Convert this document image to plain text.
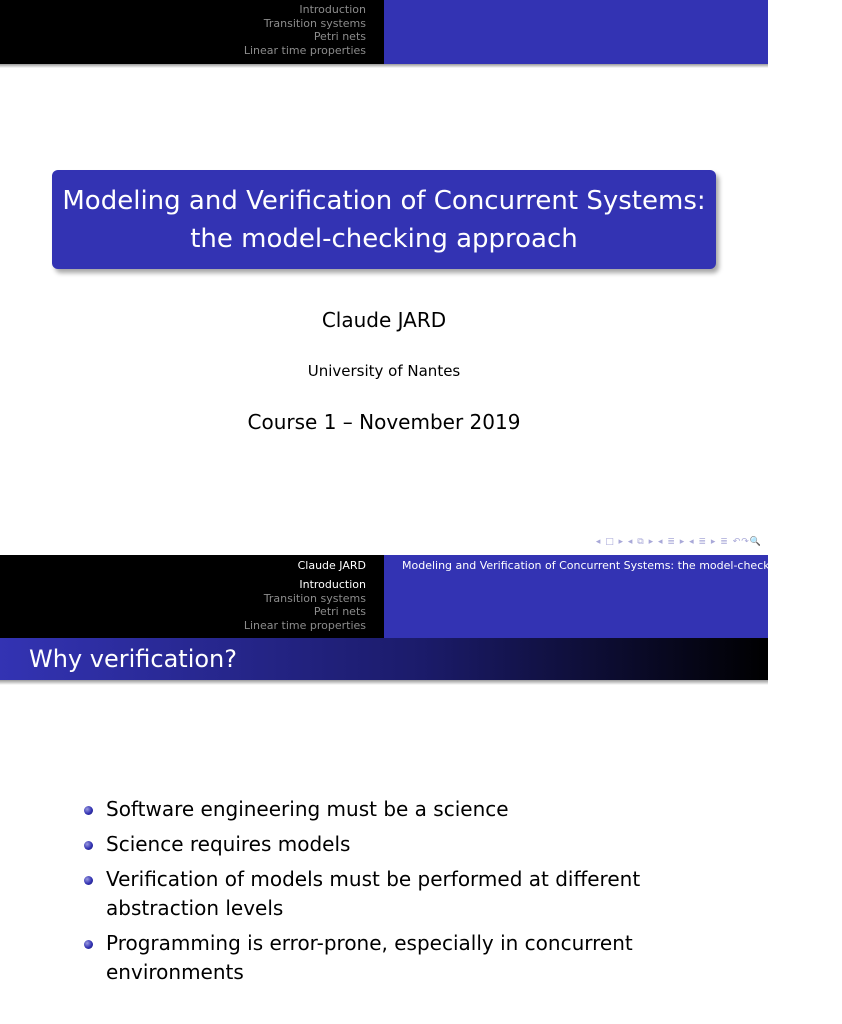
Introduction
Transition systems
Petri nets
Linear time properties
Modeling and Verification of Concurrent Systems:
the model-checking approach
Claude JARD
University of Nantes
Course 1 – November 2019
◂ □ ▸ ◂ ⧉ ▸ ◂ ≣ ▸ ◂ ≣ ▸ ≣ ↶↷🔍
Claude JARD
Introduction
Transition systems
Petri nets
Linear time properties
Modeling and Verification of Concurrent Systems: the model-checking approach
Why verification?
Software engineering must be a science
Science requires models
Verification of models must be performed at different abstraction levels
Programming is error-prone, especially in concurrent environments
